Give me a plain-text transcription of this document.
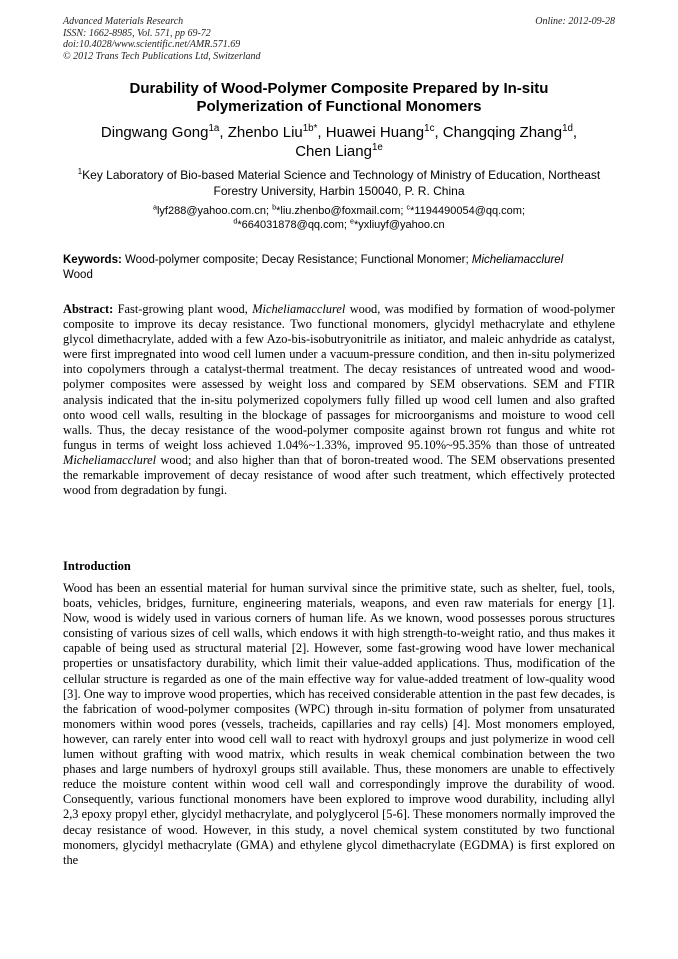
Advanced Materials Research
ISSN: 1662-8985, Vol. 571, pp 69-72
doi:10.4028/www.scientific.net/AMR.571.69
© 2012 Trans Tech Publications Ltd, Switzerland
Online: 2012-09-28
Durability of Wood-Polymer Composite Prepared by In-situ
Polymerization of Functional Monomers
Dingwang Gong$^{1a}$, Zhenbo Liu$^{1b*}$, Huawei Huang$^{1c}$, Changqing Zhang$^{1d}$,
Chen Liang$^{1e}$
$^1$Key Laboratory of Bio-based Material Science and Technology of Ministry of Education, Northeast Forestry University, Harbin 150040, P. R. China
$^a$lyf288@yahoo.com.cn; $^b$*liu.zhenbo@foxmail.com; $^c$*1194490054@qq.com;
$^d$*664031878@qq.com; $^e$*yxliuyf@yahoo.cn
Keywords: Wood-polymer composite; Decay Resistance; Functional Monomer; Micheliamacclurel
Wood

Abstract: Fast-growing plant wood, Micheliamacclurel wood, was modified by formation of wood-polymer composite to improve its decay resistance. Two functional monomers, glycidyl methacrylate and ethylene glycol dimethacrylate, added with a few Azo-bis-isobutryonitrile as initiator, and maleic anhydride as catalyst, were first impregnated into wood cell lumen under a vacuum-pressure condition, and then in-situ polymerized into copolymers through a catalyst-thermal treatment. The decay resistances of untreated wood and wood-polymer composites were assessed by weight loss and compared by SEM observations. SEM and FTIR analysis indicated that the in-situ polymerized copolymers fully filled up wood cell lumen and also grafted onto wood cell walls, resulting in the blockage of passages for microorganisms and moisture to wood cell walls. Thus, the decay resistance of the wood-polymer composite against brown rot fungus and white rot fungus in terms of weight loss achieved 1.04%~1.33%, improved 95.10%~95.35% than those of untreated Micheliamacclurel wood; and also higher than that of boron-treated wood. The SEM observations presented the remarkable improvement of decay resistance of wood after such treatment, which effectively protected wood from degradation by fungi.

Introduction

Wood has been an essential material for human survival since the primitive state, such as shelter, fuel, tools, boats, vehicles, bridges, furniture, engineering materials, weapons, and even raw materials for energy [1]. Now, wood is widely used in various corners of human life. As we known, wood possesses porous structures consisting of various sizes of cell walls, which endows it with high strength-to-weight ratio, and thus makes it capable of being used as structural material [2]. However, some fast-growing wood have lower mechanical properties or unsatisfactory durability, which limit their value-added applications. Thus, modification of the cellular structure is regarded as one of the main effective way for value-added treatment of low-quality wood [3]. One way to improve wood properties, which has received considerable attention in the past few decades, is the fabrication of wood-polymer composites (WPC) through in-situ formation of polymer from unsaturated monomers within wood pores (vessels, tracheids, capillaries and ray cells) [4]. Most monomers employed, however, can rarely enter into wood cell wall to react with hydroxyl groups and just polymerize in wood cell lumen without grafting with wood matrix, which results in weak chemical combination between the two phases and large numbers of hydroxyl groups still available. Thus, these monomers are unable to effectively reduce the moisture content within wood cell wall and correspondingly improve the durability of wood. Consequently, various functional monomers have been explored to improve wood durability, including allyl 2,3 epoxy propyl ether, glycidyl methacrylate, and polyglycerol [5-6]. These monomers normally improved the decay resistance of wood. However, in this study, a novel chemical system constituted by two functional monomers, glycidyl methacrylate (GMA) and ethylene glycol dimethacrylate (EGDMA) is first explored on the
